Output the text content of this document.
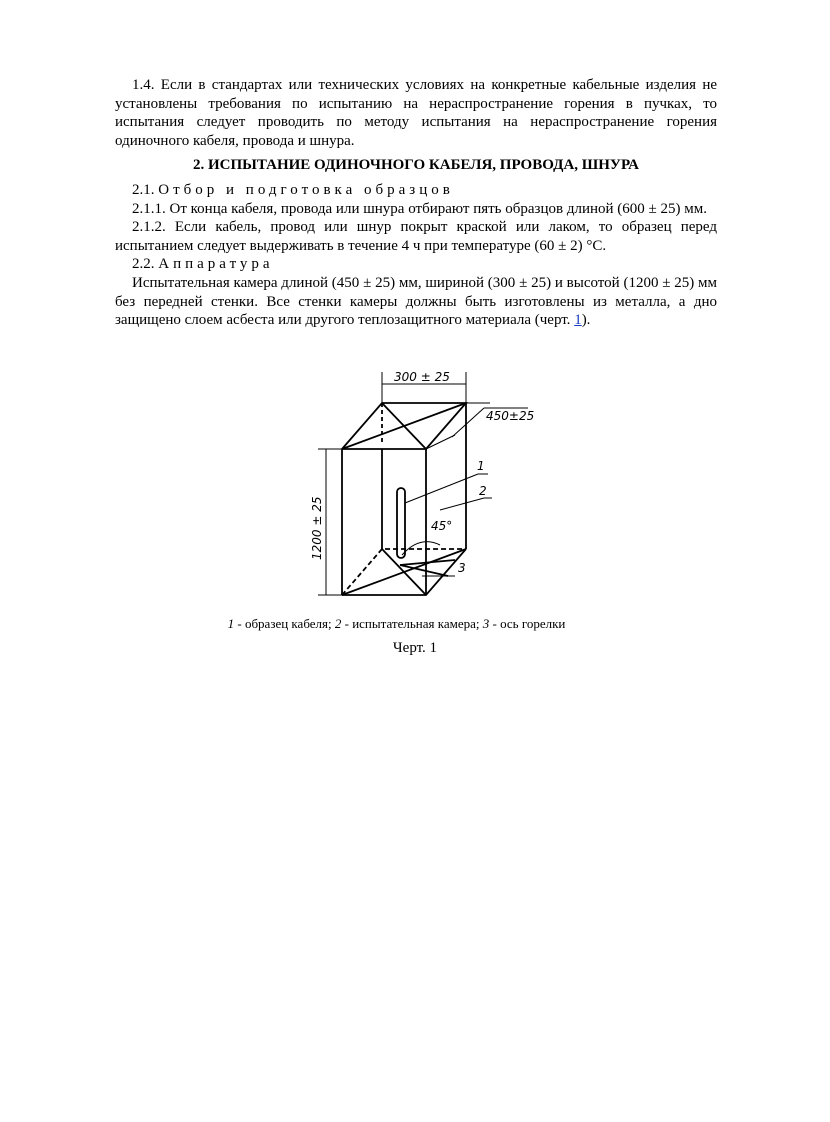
1.4. Если в стандартах или технических условиях на конкретные кабельные изделия не установлены требования по испытанию на нераспространение горения в пучках, то испытания следует проводить по методу испытания на нераспространение горения одиночного кабеля, провода и шнура.

2. ИСПЫТАНИЕ ОДИНОЧНОГО КАБЕЛЯ, ПРОВОДА, ШНУРА

2.1. Отбор и подготовка образцов

2.1.1. От конца кабеля, провода или шнура отбирают пять образцов длиной (600 ± 25) мм.

2.1.2. Если кабель, провод или шнур покрыт краской или лаком, то образец перед испытанием следует выдерживать в течение 4 ч при температуре (60 ± 2) °С.

2.2. Аппаратура

Испытательная камера длиной (450 ± 25) мм, шириной (300 ± 25) и высотой (1200 ± 25) мм без передней стенки. Все стенки камеры должны быть изготовлены из металла, а дно защищено слоем асбеста или другого теплозащитного материала (черт. 1).

300 ± 25
450±25
1200 ± 25	45°
1
2
3
1 - образец кабеля; 2 - испытательная камера; 3 - ось горелки
Черт. 1
